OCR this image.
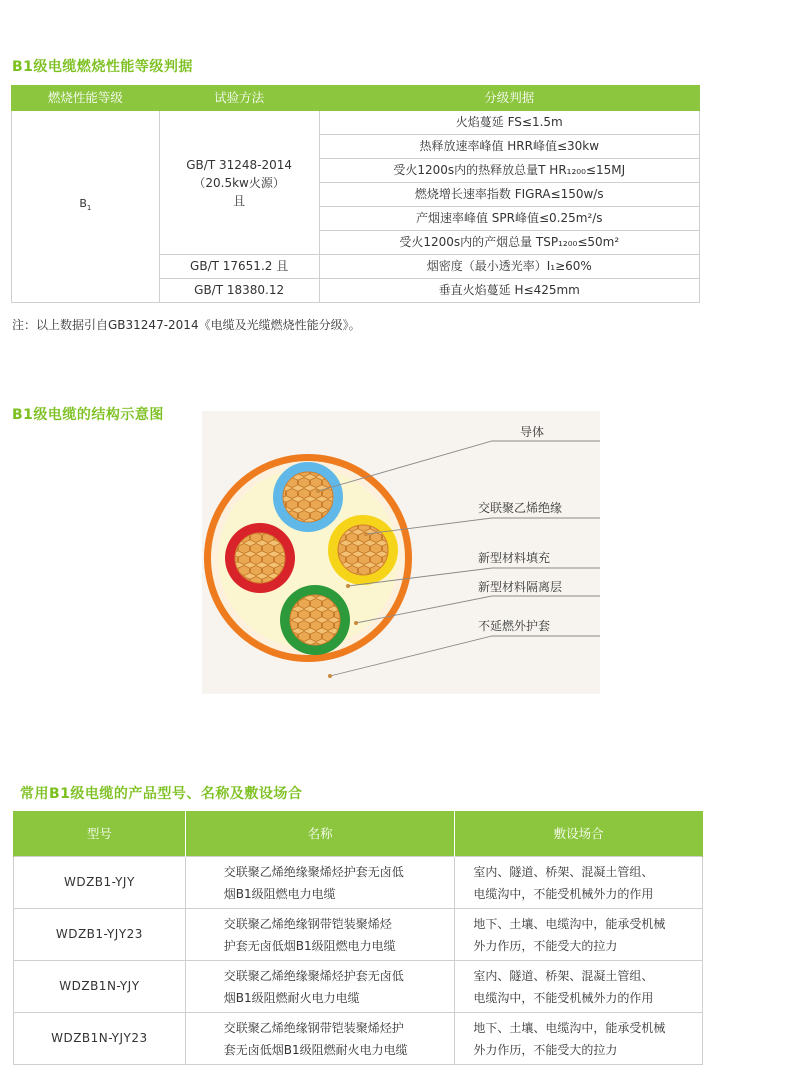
B1级电缆燃烧性能等级判据
燃烧性能等级	试验方法	分级判据
$B_1$	GB/T 31248-2014
（20.5kw火源）
且	火焰蔓延 FS≤1.5m
		热释放速率峰值 HRR峰值≤30kw
		受火1200s内的热释放总量T HR₁₂₀₀≤15MJ
		燃烧增长速率指数 FIGRA≤150w/s
		产烟速率峰值 SPR峰值≤0.25m²/s
		受火1200s内的产烟总量 TSP₁₂₀₀≤50m²
	GB/T 17651.2 且	烟密度（最小透光率）I₁≥60%
	GB/T 18380.12	垂直火焰蔓延 H≤425mm
注：以上数据引自GB31247-2014《电缆及光缆燃烧性能分级》。
B1级电缆的结构示意图
导体
交联聚乙烯绝缘
新型材料填充
新型材料隔离层
不延燃外护套
常用B1级电缆的产品型号、名称及敷设场合
型号	名称	敷设场合
WDZB1-YJY	交联聚乙烯绝缘聚烯烃护套无卤低
烟B1级阻燃电力电缆	室内、隧道、桥架、混凝土管组、
电缆沟中，不能受机械外力的作用
WDZB1-YJY23	交联聚乙烯绝缘钢带铠装聚烯烃
护套无卤低烟B1级阻燃电力电缆	地下、土壤、电缆沟中，能承受机械
外力作历，不能受大的拉力
WDZB1N-YJY	交联聚乙烯绝缘聚烯烃护套无卤低
烟B1级阻燃耐火电力电缆	室内、隧道、桥架、混凝土管组、
电缆沟中，不能受机械外力的作用
WDZB1N-YJY23	交联聚乙烯绝缘钢带铠装聚烯烃护
套无卤低烟B1级阻燃耐火电力电缆	地下、土壤、电缆沟中，能承受机械
外力作历，不能受大的拉力
